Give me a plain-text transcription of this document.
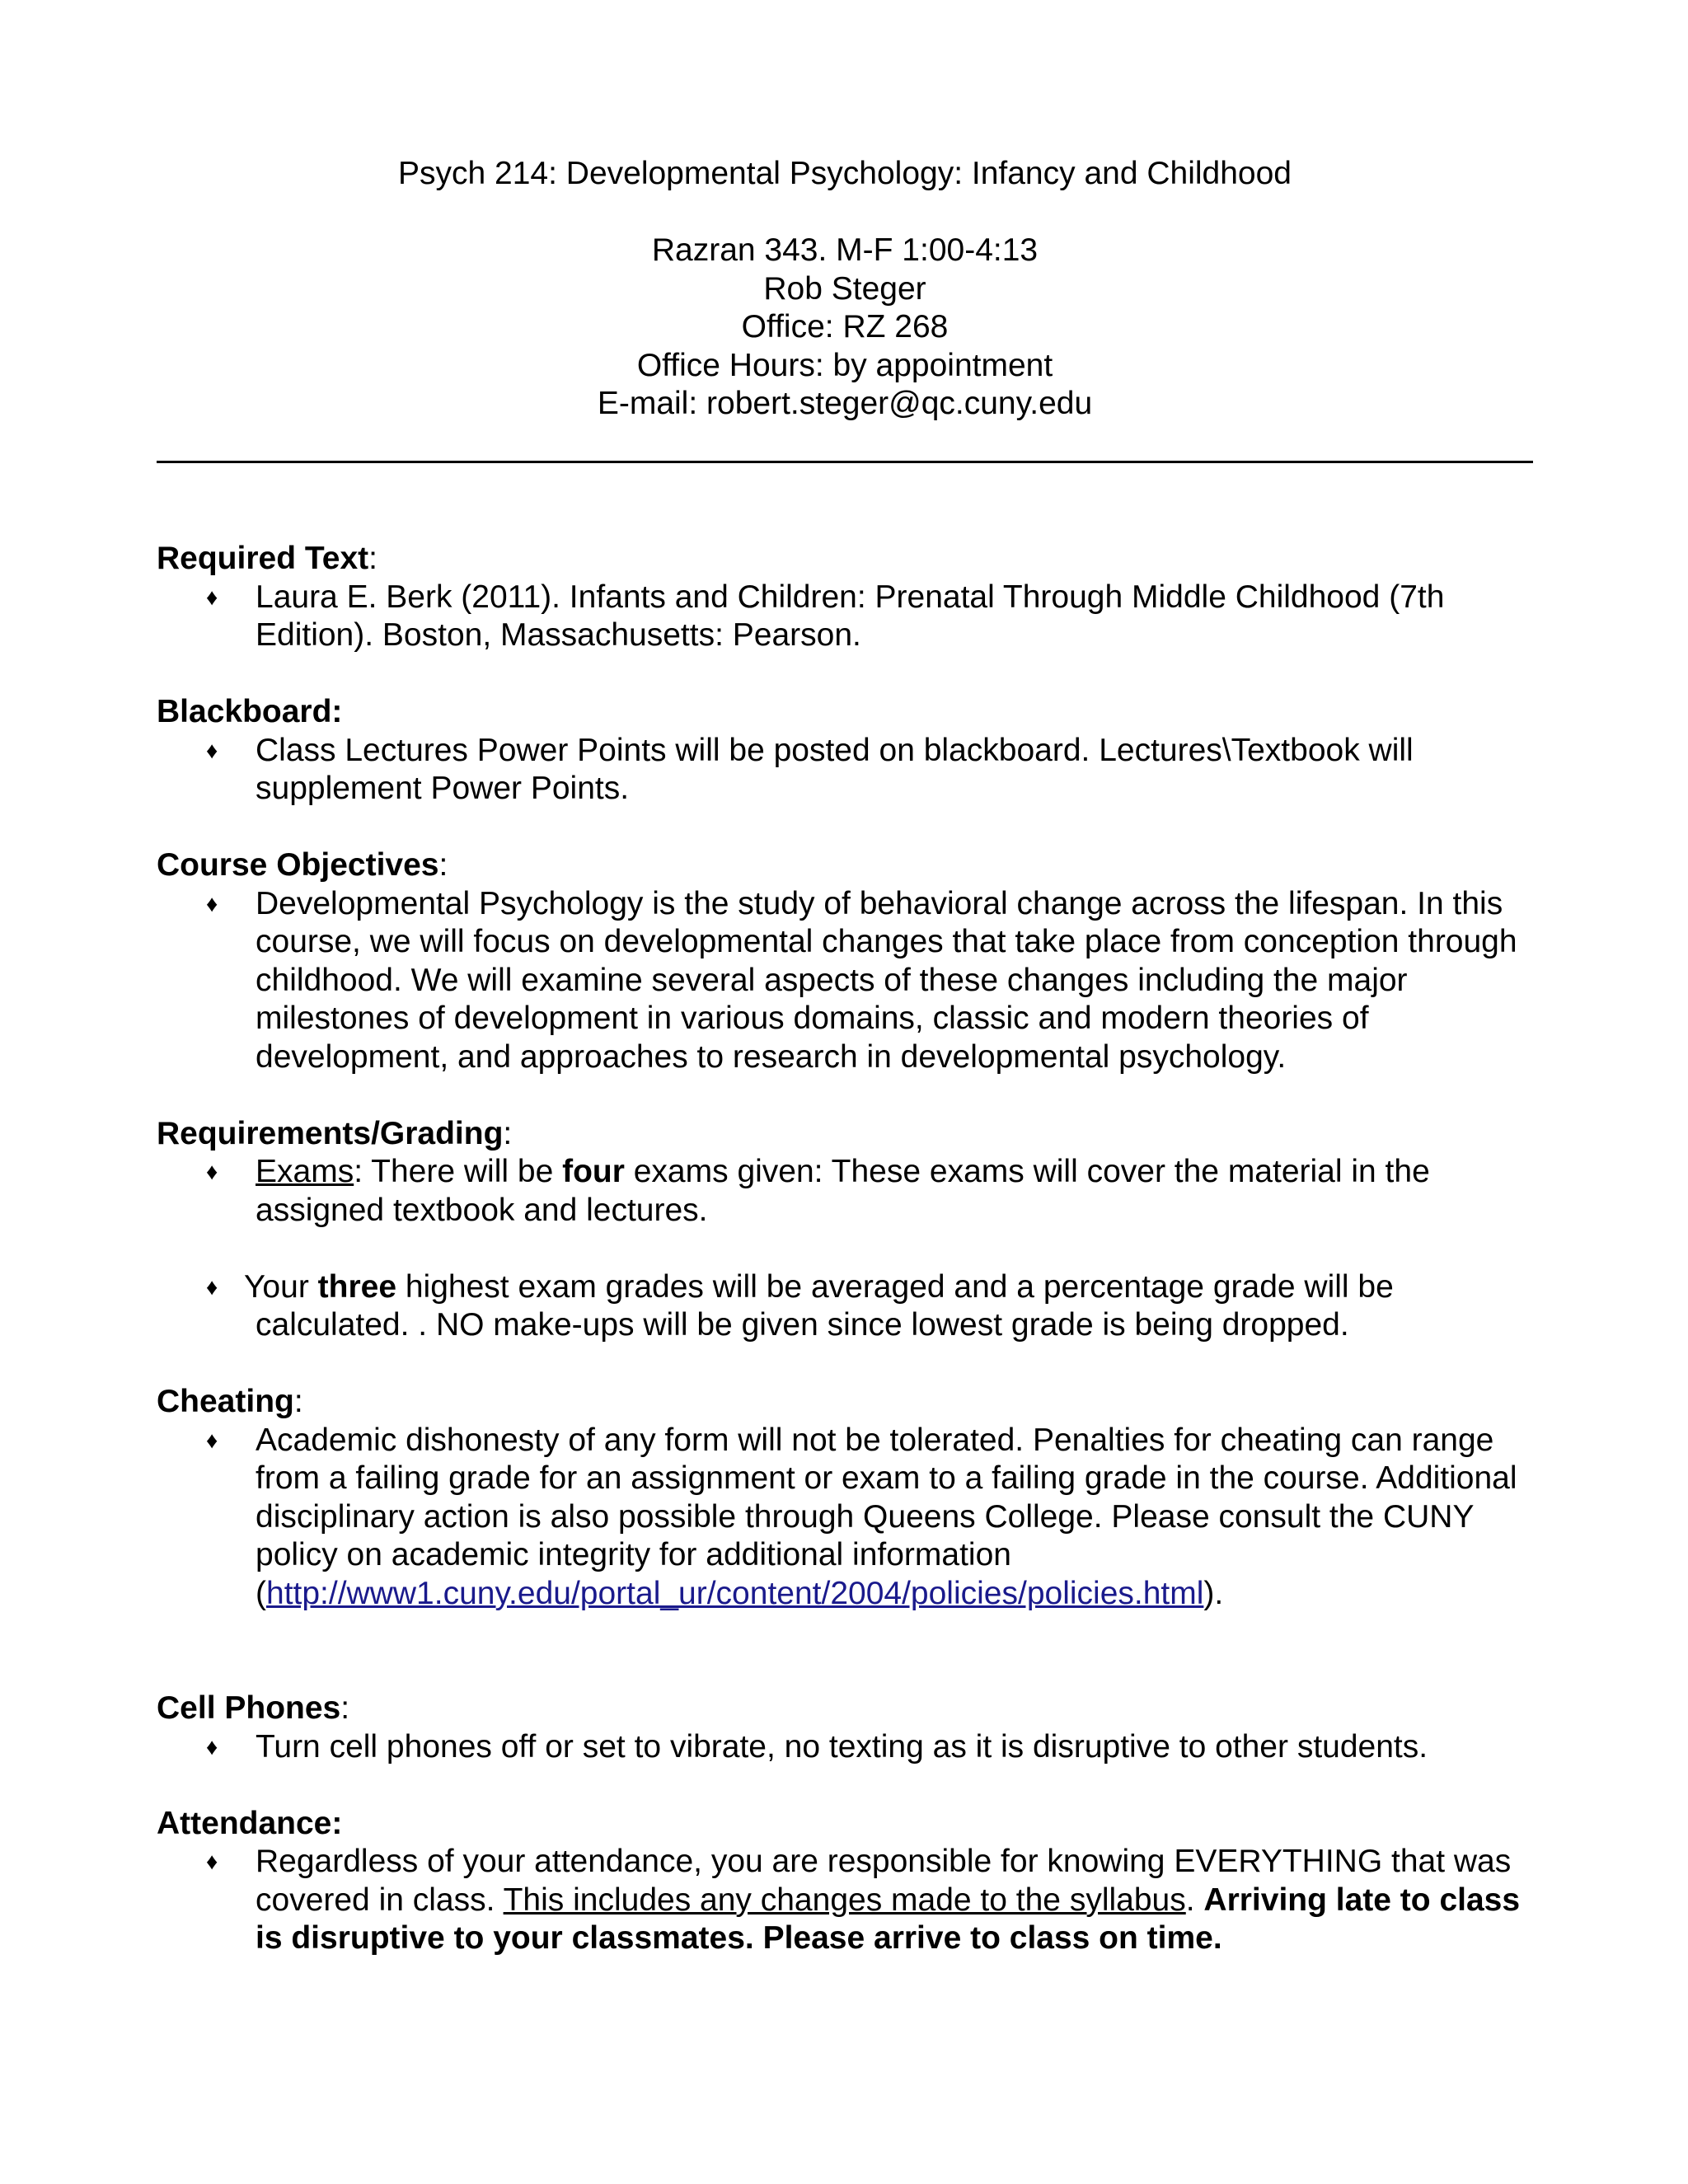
Psych 214: Developmental Psychology: Infancy and Childhood
Razran 343. M-F 1:00-4:13
Rob Steger
Office: RZ 268
Office Hours: by appointment
E-mail: robert.steger@qc.cuny.edu
Required Text:
♦ Laura E. Berk (2011). Infants and Children: Prenatal Through Middle Childhood (7th Edition). Boston, Massachusetts: Pearson.
Blackboard:
♦ Class Lectures Power Points will be posted on blackboard. Lectures\Textbook will supplement Power Points.
Course Objectives:
♦ Developmental Psychology is the study of behavioral change across the lifespan. In this course, we will focus on developmental changes that take place from conception through childhood. We will examine several aspects of these changes including the major milestones of development in various domains, classic and modern theories of development, and approaches to research in developmental psychology.
Requirements/Grading:
♦ Exams: There will be four exams given: These exams will cover the material in the assigned textbook and lectures.
♦ Your three highest exam grades will be averaged and a percentage grade will be calculated. . NO make-ups will be given since lowest grade is being dropped.
Cheating:
♦ Academic dishonesty of any form will not be tolerated. Penalties for cheating can range from a failing grade for an assignment or exam to a failing grade in the course. Additional disciplinary action is also possible through Queens College. Please consult the CUNY policy on academic integrity for additional information (http://www1.cuny.edu/portal_ur/content/2004/policies/policies.html).
Cell Phones:
♦ Turn cell phones off or set to vibrate, no texting as it is disruptive to other students.
Attendance:
♦ Regardless of your attendance, you are responsible for knowing EVERYTHING that was covered in class. This includes any changes made to the syllabus. Arriving late to class is disruptive to your classmates. Please arrive to class on time.
